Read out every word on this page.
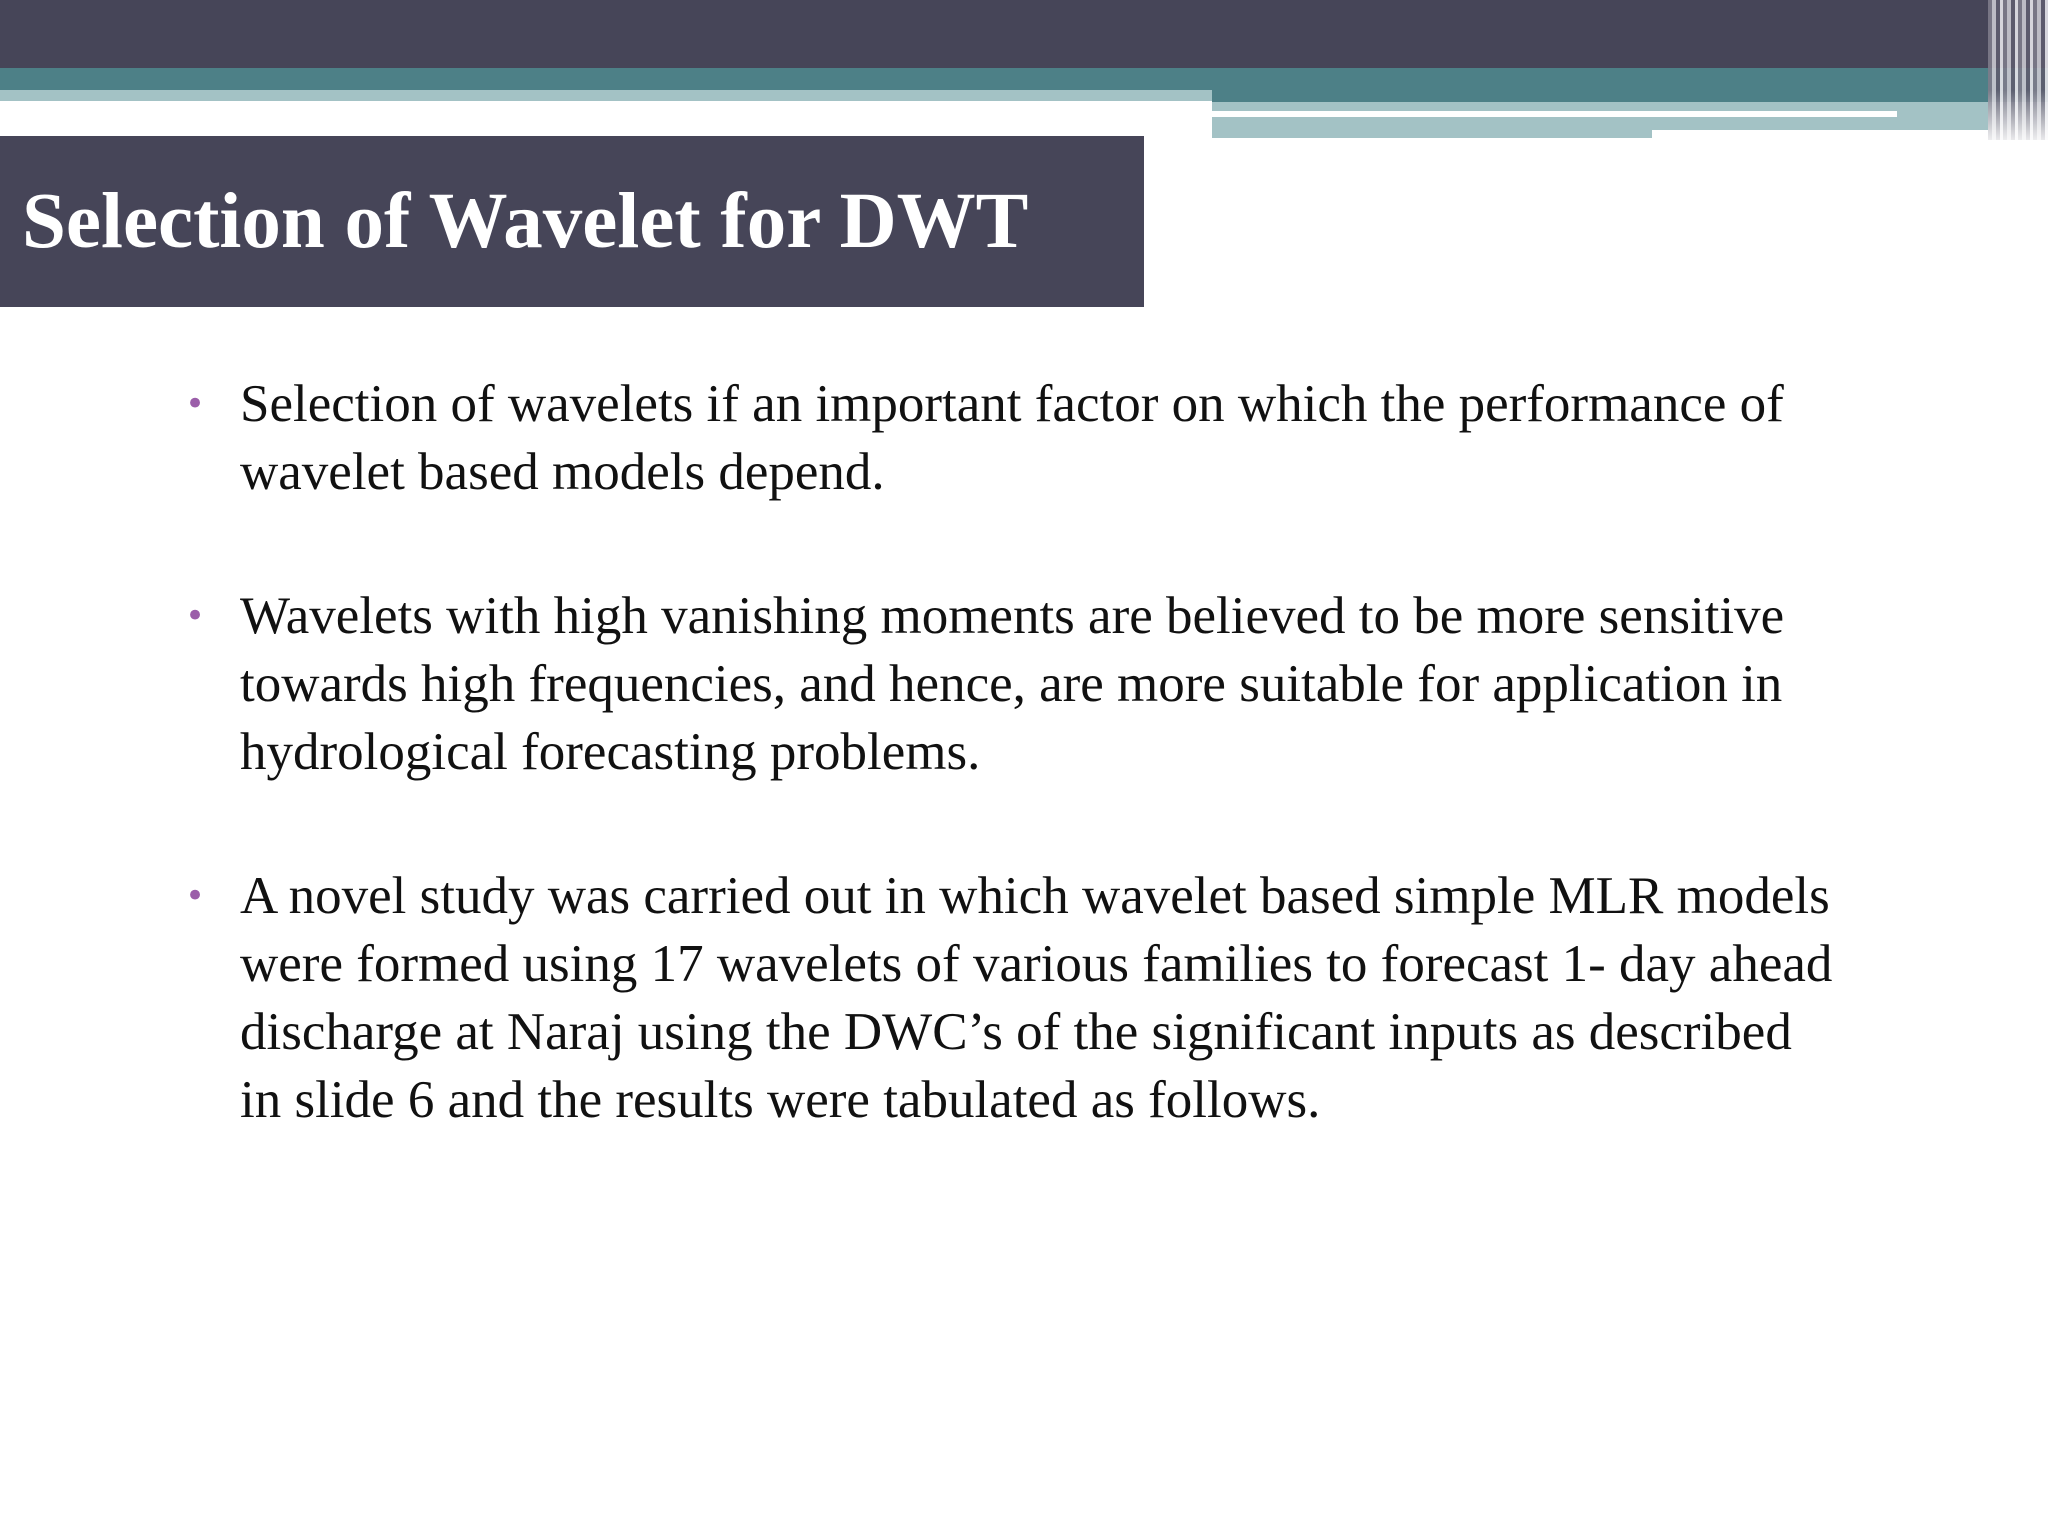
Selection of Wavelet for DWT
• Selection of wavelets if an important factor on which the performance of
wavelet based models depend.
• Wavelets with high vanishing moments are believed to be more sensitive
towards high frequencies, and hence, are more suitable for application in
hydrological forecasting problems.
• A novel study was carried out in which wavelet based simple MLR models
were formed using 17 wavelets of various families to forecast 1- day ahead
discharge at Naraj using the DWC’s of the significant inputs as described
in slide 6 and the results were tabulated as follows.
